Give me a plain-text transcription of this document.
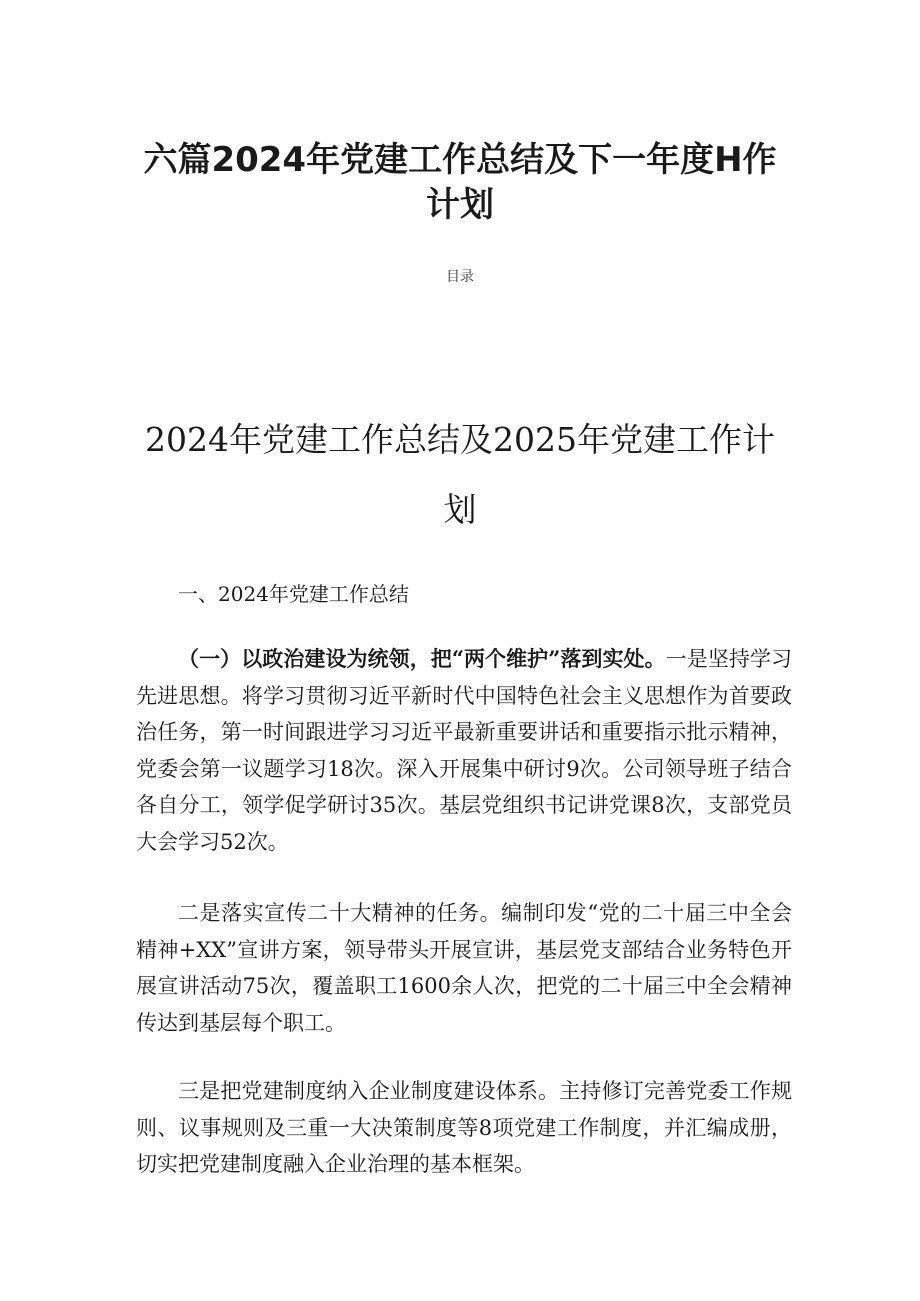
六篇2024年党建工作总结及下一年度H作
计划
目录
2024年党建工作总结及2025年党建工作计
划
一、2024年党建工作总结

（一）以政治建设为统领，把“两个维护”落到实处。一是坚持学习先进思想。将学习贯彻习近平新时代中国特色社会主义思想作为首要政治任务，第一时间跟进学习习近平最新重要讲话和重要指示批示精神，党委会第一议题学习18次。深入开展集中研讨9次。公司领导班子结合各自分工，领学促学研讨35次。基层党组织书记讲党课8次，支部党员大会学习52次。

二是落实宣传二十大精神的任务。编制印发“党的二十届三中全会精神+XX”宣讲方案，领导带头开展宣讲，基层党支部结合业务特色开展宣讲活动75次，覆盖职工1600余人次，把党的二十届三中全会精神传达到基层每个职工。

三是把党建制度纳入企业制度建设体系。主持修订完善党委工作规则、议事规则及三重一大决策制度等8项党建工作制度，并汇编成册，切实把党建制度融入企业治理的基本框架。
